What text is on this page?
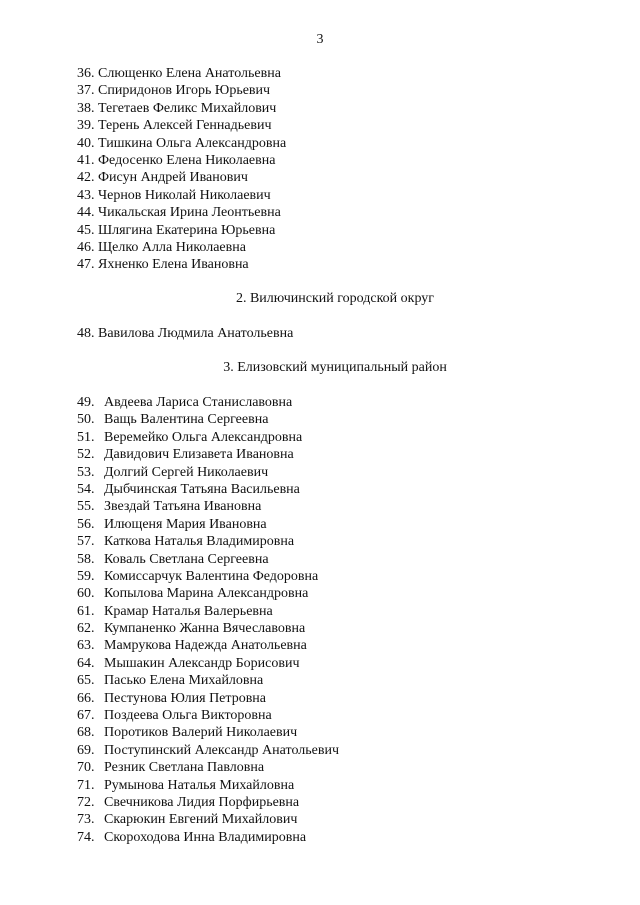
3
36. Слющенко Елена Анатольевна
37. Спиридонов Игорь Юрьевич
38. Тегетаев Феликс Михайлович
39. Терень Алексей Геннадьевич
40. Тишкина Ольга Александровна
41. Федосенко Елена Николаевна
42. Фисун Андрей Иванович
43. Чернов Николай Николаевич
44. Чикальская Ирина Леонтьевна
45. Шлягина Екатерина Юрьевна
46. Щелко Алла Николаевна
47. Яхненко Елена Ивановна
2. Вилючинский городской округ
48. Вавилова Людмила Анатольевна
3. Елизовский муниципальный район
49. Авдеева Лариса Станиславовна
50. Ващь Валентина Сергеевна
51. Веремейко Ольга Александровна
52. Давидович Елизавета Ивановна
53. Долгий Сергей Николаевич
54. Дыбчинская Татьяна Васильевна
55. Звездай Татьяна Ивановна
56. Илющеня Мария Ивановна
57. Каткова Наталья Владимировна
58. Коваль Светлана Сергеевна
59. Комиссарчук Валентина Федоровна
60. Копылова Марина Александровна
61. Крамар Наталья Валерьевна
62. Кумпаненко Жанна Вячеславовна
63. Мамрукова Надежда Анатольевна
64. Мышакин Александр Борисович
65. Пасько Елена Михайловна
66. Пестунова Юлия Петровна
67. Поздеева Ольга Викторовна
68. Поротиков Валерий Николаевич
69. Поступинский Александр Анатольевич
70. Резник Светлана Павловна
71. Румынова Наталья Михайловна
72. Свечникова Лидия Порфирьевна
73. Скарюкин Евгений Михайлович
74. Скороходова Инна Владимировна
